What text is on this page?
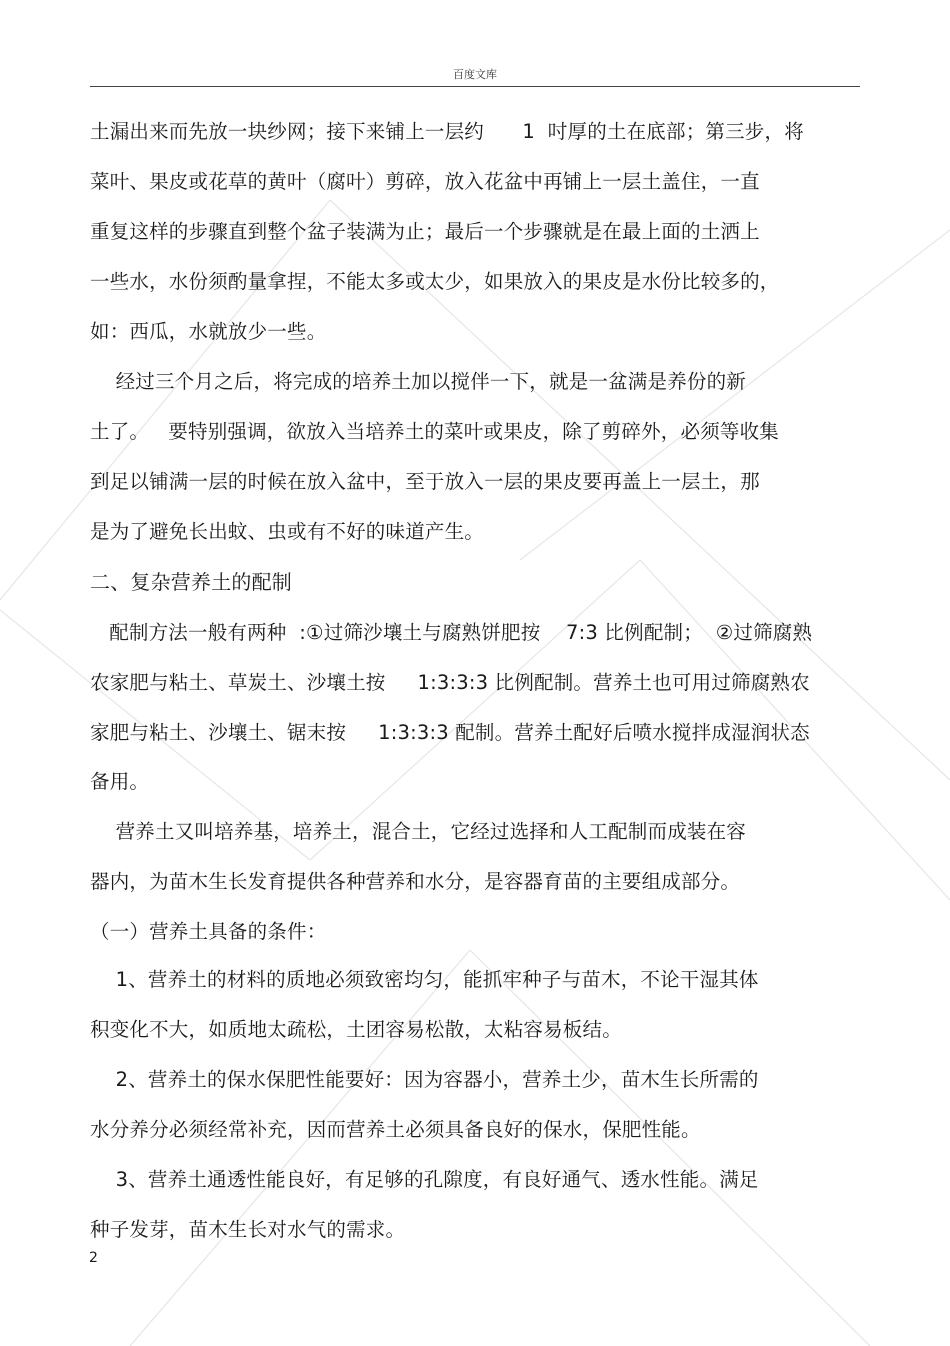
百度文库
土漏出来而先放一块纱网；接下来铺上一层约      1  吋厚的土在底部；第三步，将
菜叶、果皮或花草的黄叶（腐叶）剪碎，放入花盆中再铺上一层土盖住，一直
重复这样的步骤直到整个盆子装满为止；最后一个步骤就是在最上面的土洒上
一些水，水份须酌量拿捏，不能太多或太少，如果放入的果皮是水份比较多的，
如：西瓜，水就放少一些。
经过三个月之后，将完成的培养土加以搅伴一下，就是一盆满是养份的新
土了。   要特别强调，欲放入当培养土的菜叶或果皮，除了剪碎外，必须等收集
到足以铺满一层的时候在放入盆中，至于放入一层的果皮要再盖上一层土，那
是为了避免长出蚊、虫或有不好的味道产生。
二、复杂营养土的配制
配制方法一般有两种  :①过筛沙壤土与腐熟饼肥按    7:3 比例配制；  ②过筛腐熟
农家肥与粘土、草炭土、沙壤土按     1:3:3:3 比例配制。营养土也可用过筛腐熟农
家肥与粘土、沙壤土、锯末按     1:3:3:3 配制。营养土配好后喷水搅拌成湿润状态
备用。
营养土又叫培养基，培养土，混合土，它经过选择和人工配制而成装在容
器内，为苗木生长发育提供各种营养和水分，是容器育苗的主要组成部分。
（一）营养土具备的条件：
1、营养土的材料的质地必须致密均匀，能抓牢种子与苗木，不论干湿其体
积变化不大，如质地太疏松，土团容易松散，太粘容易板结。
2、营养土的保水保肥性能要好：因为容器小，营养土少，苗木生长所需的
水分养分必须经常补充，因而营养土必须具备良好的保水，保肥性能。
3、营养土通透性能良好，有足够的孔隙度，有良好通气、透水性能。满足
种子发芽，苗木生长对水气的需求。
2
